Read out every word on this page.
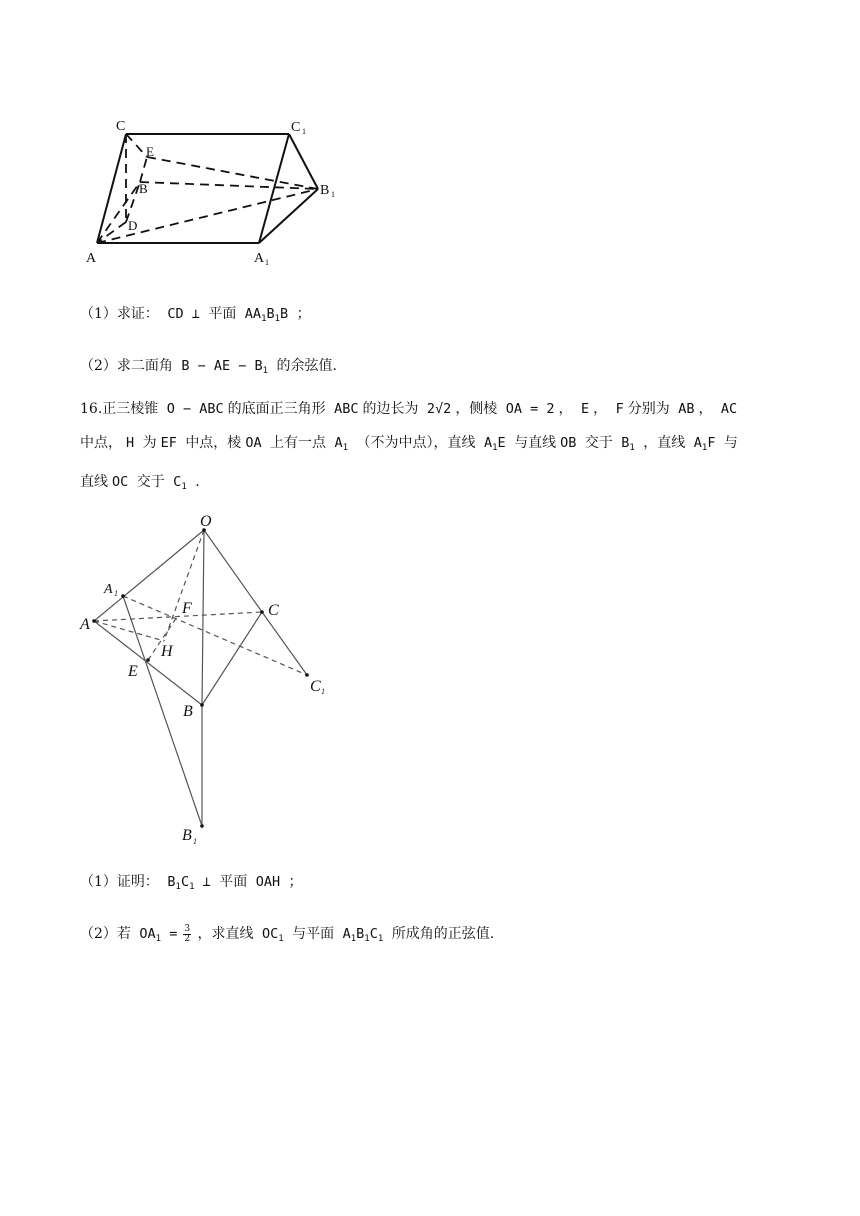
C	C 1
E
B	B 1
D
A	A 1
（1）求证： CD ⊥ 平面 $AA_1B_1B$ ；
（2）求二面角 B − AE − $B_1$ 的余弦值.
16.正三棱锥 O − ABC 的底面正三角形 ABC 的边长为 2√2 ，侧棱 OA = 2 ， E ， F 分别为 AB ， AC
中点， H 为 EF 中点，棱 OA 上有一点 $A_1$ （不为中点），直线 $A_1E$ 与直线 OB 交于 $B_1$ ，直线 $A_1F$ 与
直线 OC 交于 $C_1$ .
O
A 1
A
F	C
H
E
C 1
B
B 1
（1）证明： $B_1C_1$ ⊥ 平面 OAH ；
（2）若 $OA_1 = \frac{3}{2}$ ，求直线 $OC_1$ 与平面 $A_1B_1C_1$ 所成角的正弦值.
